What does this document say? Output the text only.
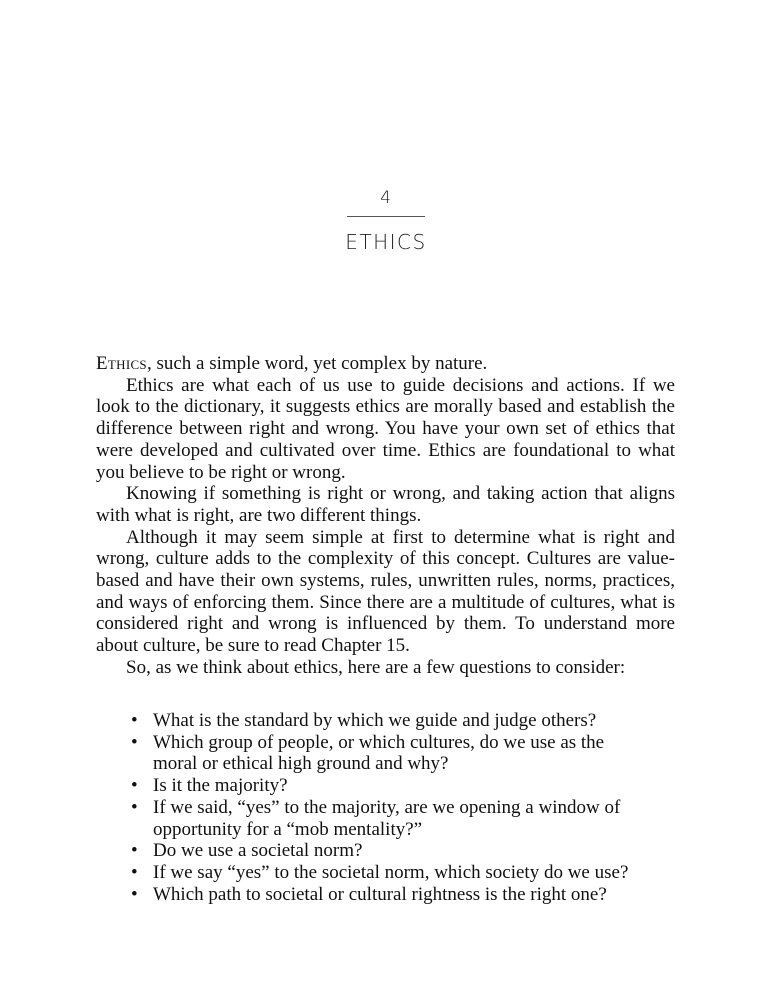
4
ETHICS

Ethics, such a simple word, yet complex by nature.

Ethics are what each of us use to guide decisions and actions. If we look to the dictionary, it suggests ethics are morally based and establish the difference between right and wrong. You have your own set of ethics that were developed and cultivated over time. Ethics are foundational to what you believe to be right or wrong.

Knowing if something is right or wrong, and taking action that aligns with what is right, are two different things.

Although it may seem simple at first to determine what is right and wrong, culture adds to the complexity of this concept. Cultures are value-based and have their own systems, rules, unwritten rules, norms, practices, and ways of enforcing them. Since there are a multitude of cultures, what is considered right and wrong is influenced by them. To understand more about culture, be sure to read Chapter 15.

So, as we think about ethics, here are a few questions to consider:

• What is the standard by which we guide and judge others?
• Which group of people, or which cultures, do we use as the moral or ethical high ground and why?
• Is it the majority?
• If we said, “yes” to the majority, are we opening a window of opportunity for a “mob mentality?”
• Do we use a societal norm?
• If we say “yes” to the societal norm, which society do we use?
• Which path to societal or cultural rightness is the right one?
